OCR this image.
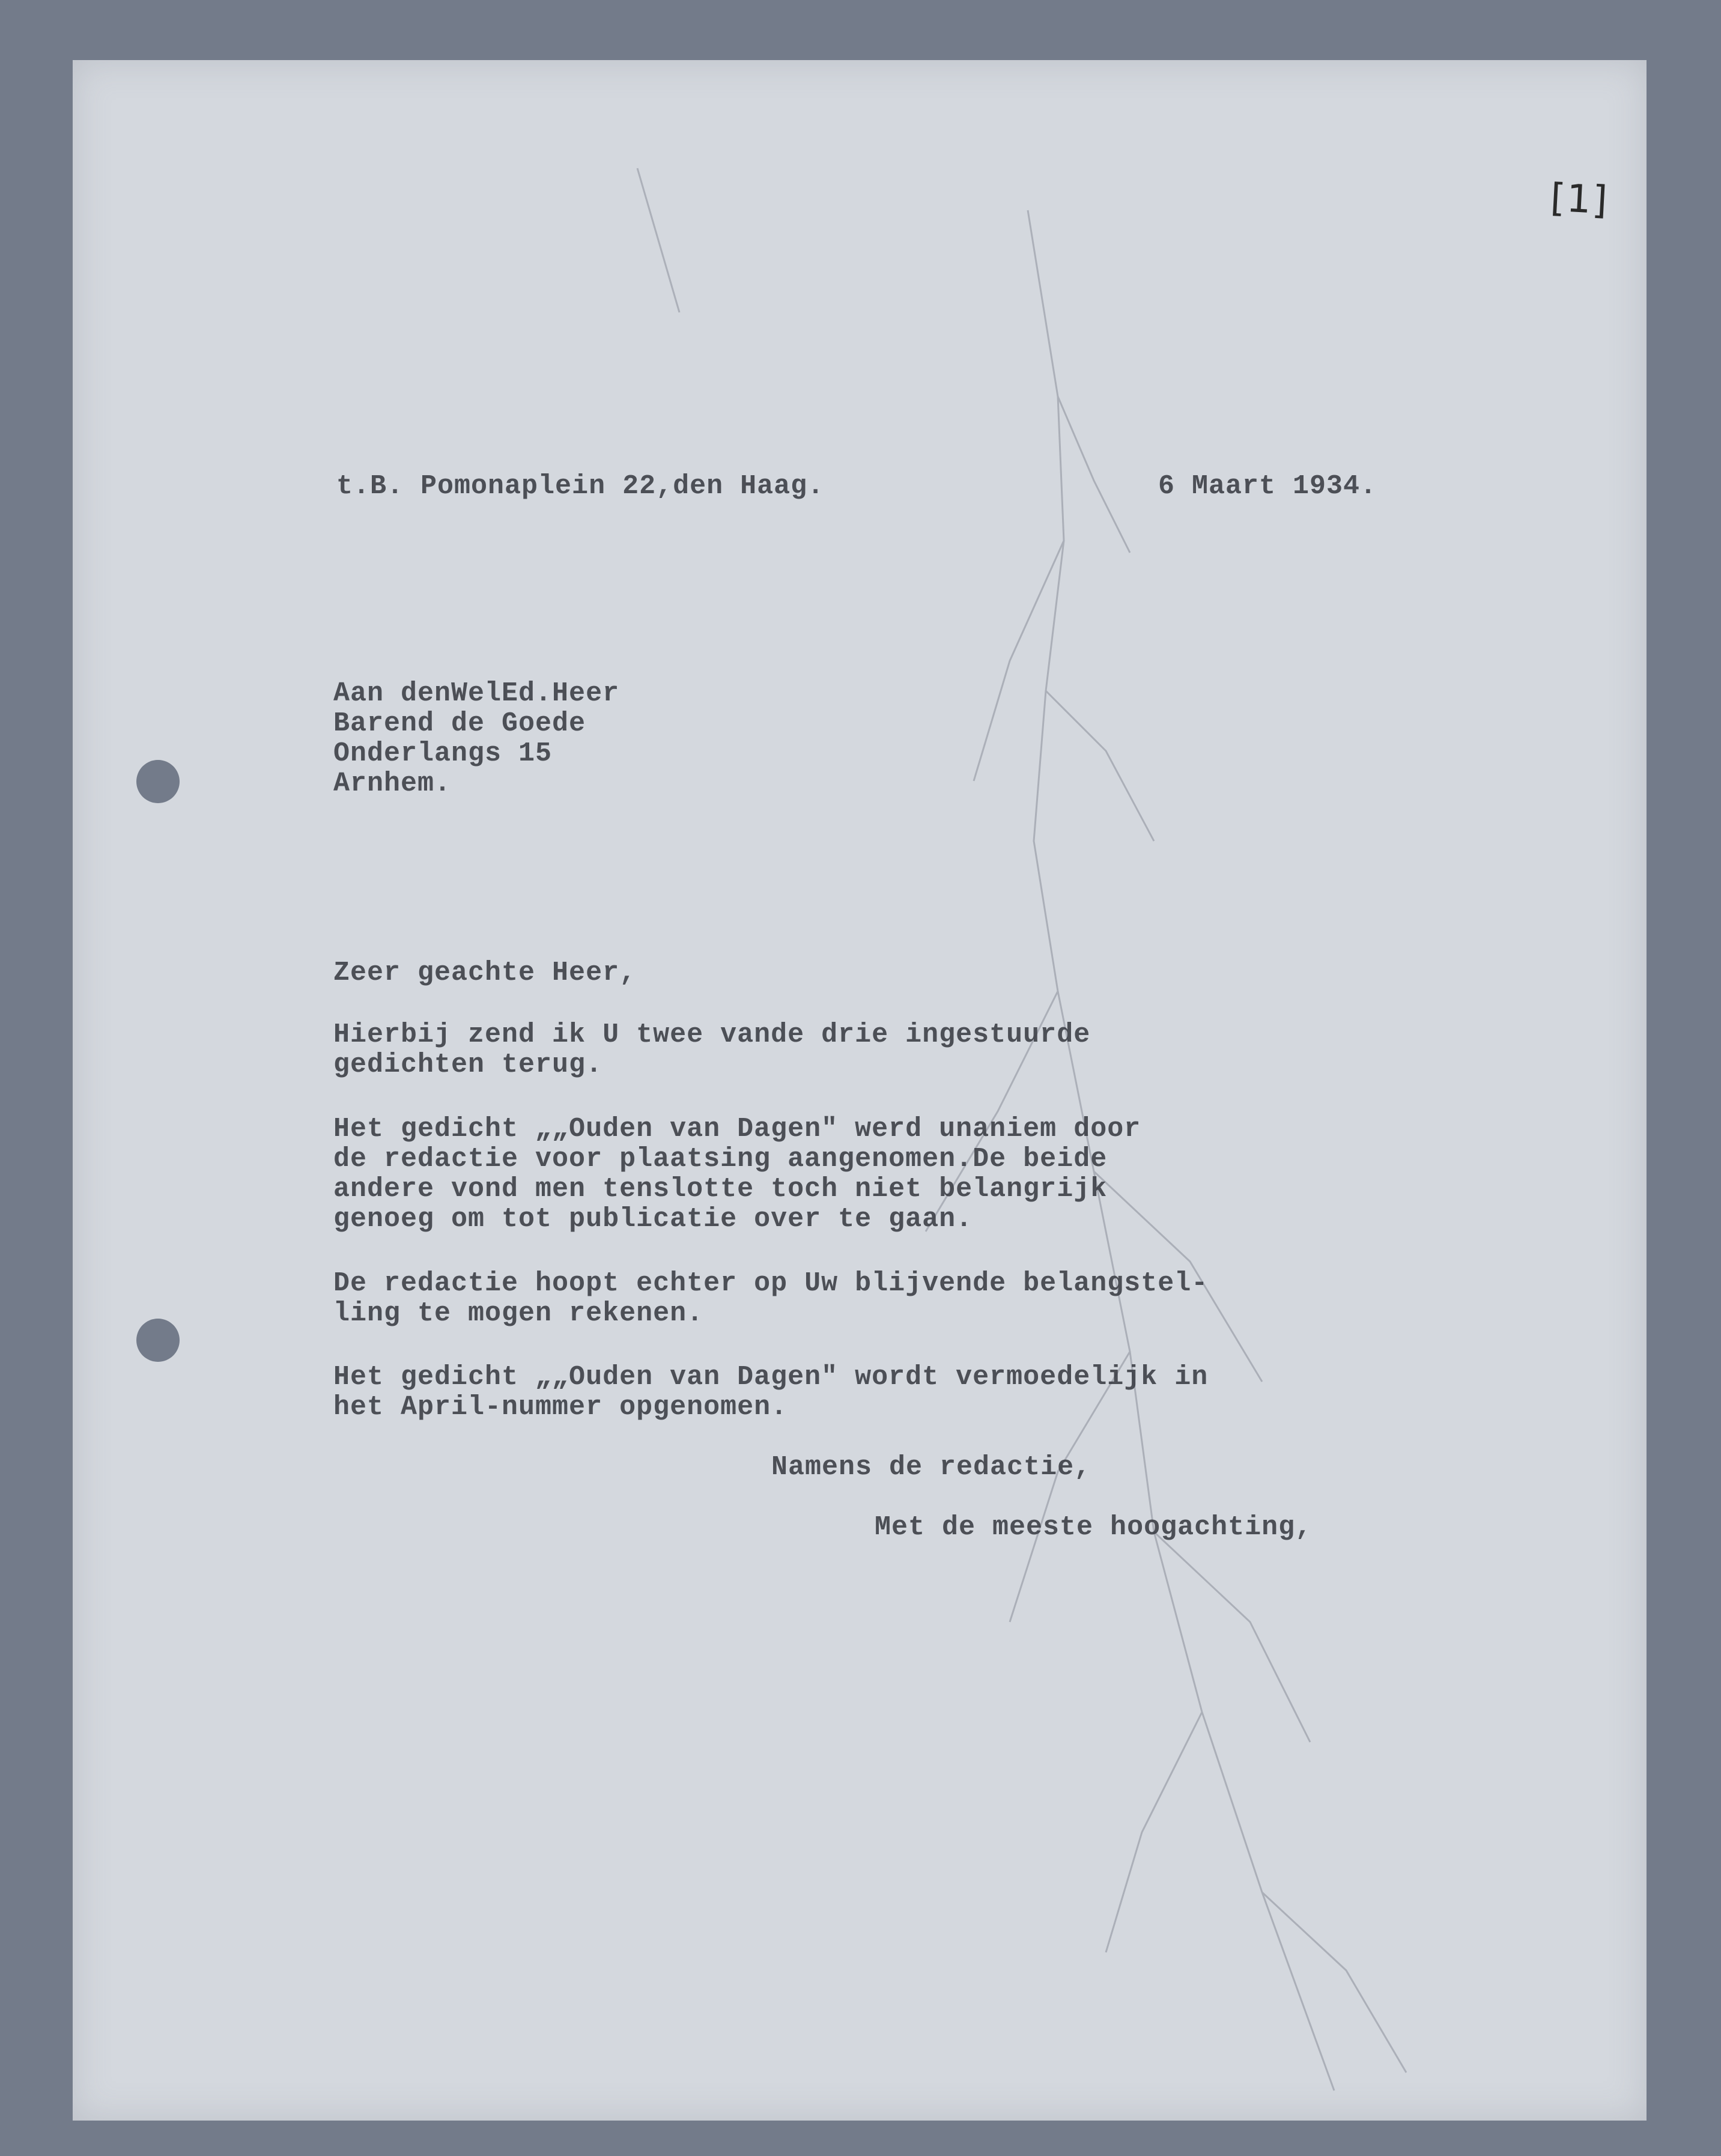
[1]
t.B. Pomonaplein 22,den Haag.	6 Maart 1934.
Aan denWelEd.Heer
Barend de Goede
Onderlangs 15
Arnhem.
Zeer geachte Heer,
Hierbij zend ik U twee vande drie ingestuurde
gedichten terug.
Het gedicht „„Ouden van Dagen" werd unaniem door
de redactie voor plaatsing aangenomen.De beide
andere vond men tenslotte toch niet belangrijk
genoeg om tot publicatie over te gaan.
De redactie hoopt echter op Uw blijvende belangstel-
ling te mogen rekenen.
Het gedicht „„Ouden van Dagen" wordt vermoedelijk in
het April-nummer opgenomen.
Namens de redactie,
Met de meeste hoogachting,
